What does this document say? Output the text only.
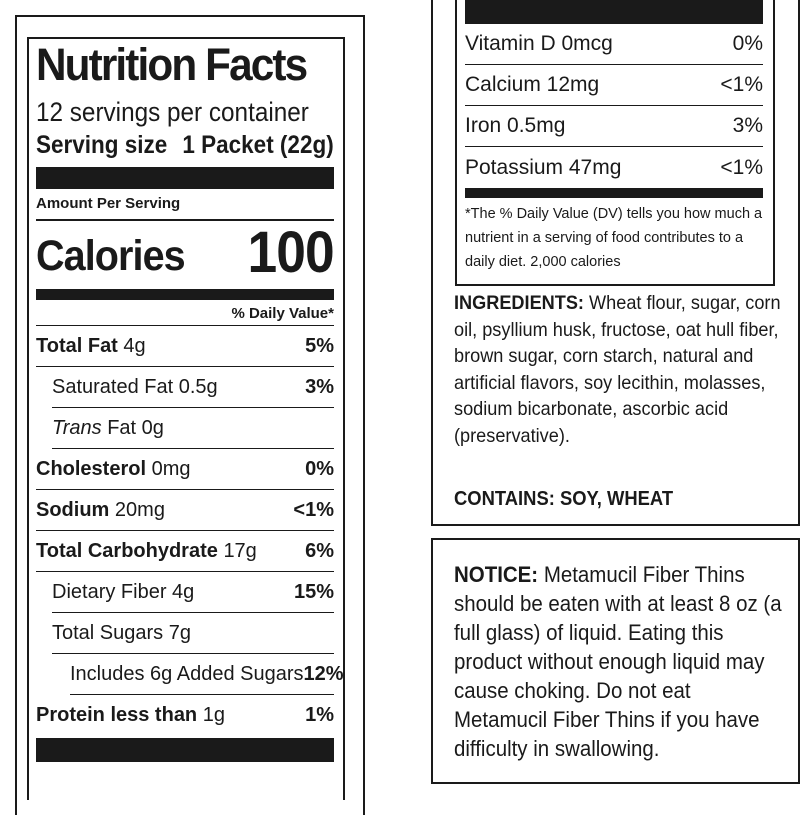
Nutrition Facts
12 servings per container
Serving size 1 Packet (22g)
Amount Per Serving
Calories 100
% Daily Value*
Total Fat 4g	5%
Saturated Fat 0.5g	3%
Trans Fat 0g
Cholesterol 0mg	0%
Sodium 20mg	<1%
Total Carbohydrate 17g 6%
Dietary Fiber 4g	15%
Total Sugars 7g
Includes 6g Added Sugars 12%
Protein less than 1g	1%
Vitamin D 0mcg	0%
Calcium 12mg	<1%
Iron 0.5mg	3%
Potassium 47mg	<1%
*The % Daily Value (DV) tells you how much a nutrient in a serving of food contributes to a daily diet. 2,000 calories
INGREDIENTS: Wheat flour, sugar, corn oil, psyllium husk, fructose, oat hull fiber, brown sugar, corn starch, natural and artificial flavors, soy lecithin, molasses, sodium bicarbonate, ascorbic acid (preservative).
CONTAINS: SOY, WHEAT
NOTICE: Metamucil Fiber Thins should be eaten with at least 8 oz (a full glass) of liquid. Eating this product without enough liquid may cause choking. Do not eat Metamucil Fiber Thins if you have difficulty in swallowing.
